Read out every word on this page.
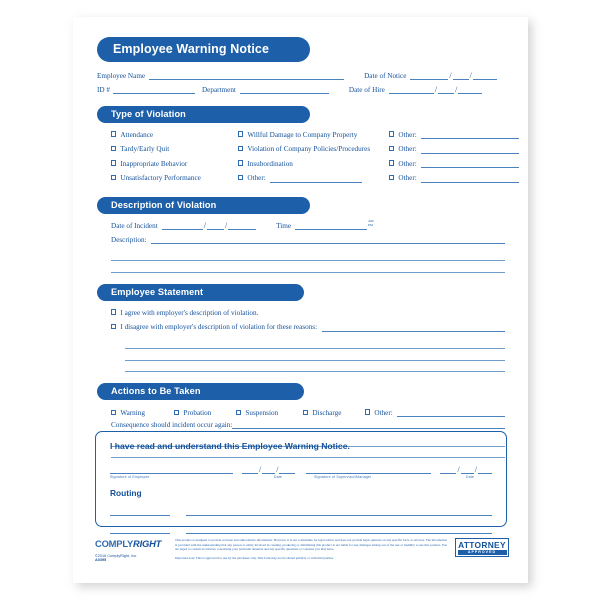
Employee Warning Notice
Employee Name	Date of Notice	/ /
ID #	Department	Date of Hire	/ /
Type of Violation
Attendance	Willful Damage to Company Property	Other:
Tardy/Early Quit	Violation of Company Policies/Procedures	Other:
Inappropriate Behavior	Insubordination	Other:
Unsatisfactory Performance	Other:	Other:
Description of Violation
Date of Incident	/ /	Time
AM
PM
Description:
Employee Statement
I agree with employer's description of violation.
I disagree with employer's description of violation for these reasons:
Actions to Be Taken
Warning	Probation	Suspension	Discharge	Other:
Consequence should incident occur again:
I have read and understand this Employee Warning Notice.
/ /	/ /
Signature of Employee	Date	Signature of Supervisor/Manager	Date
Routing
COMPLYRIGHT
©2016 ComplyRight, Inc.
A0395

This product is designed to provide accurate and authoritative information. However, it is not a substitute for legal advice and does not provide legal opinions on any specific facts or services. The information is provided with the understanding that any person or entity involved in creating, producing or distributing this product is not liable for any damages arising out of the use or inability to use this product. You are urged to consult an attorney concerning your particular situation and any specific questions or concerns you may have.

Important note: This is approved for use by the purchaser only. This form may not be shared publicly or with third parties.

ATTORNEY
APPROVED
